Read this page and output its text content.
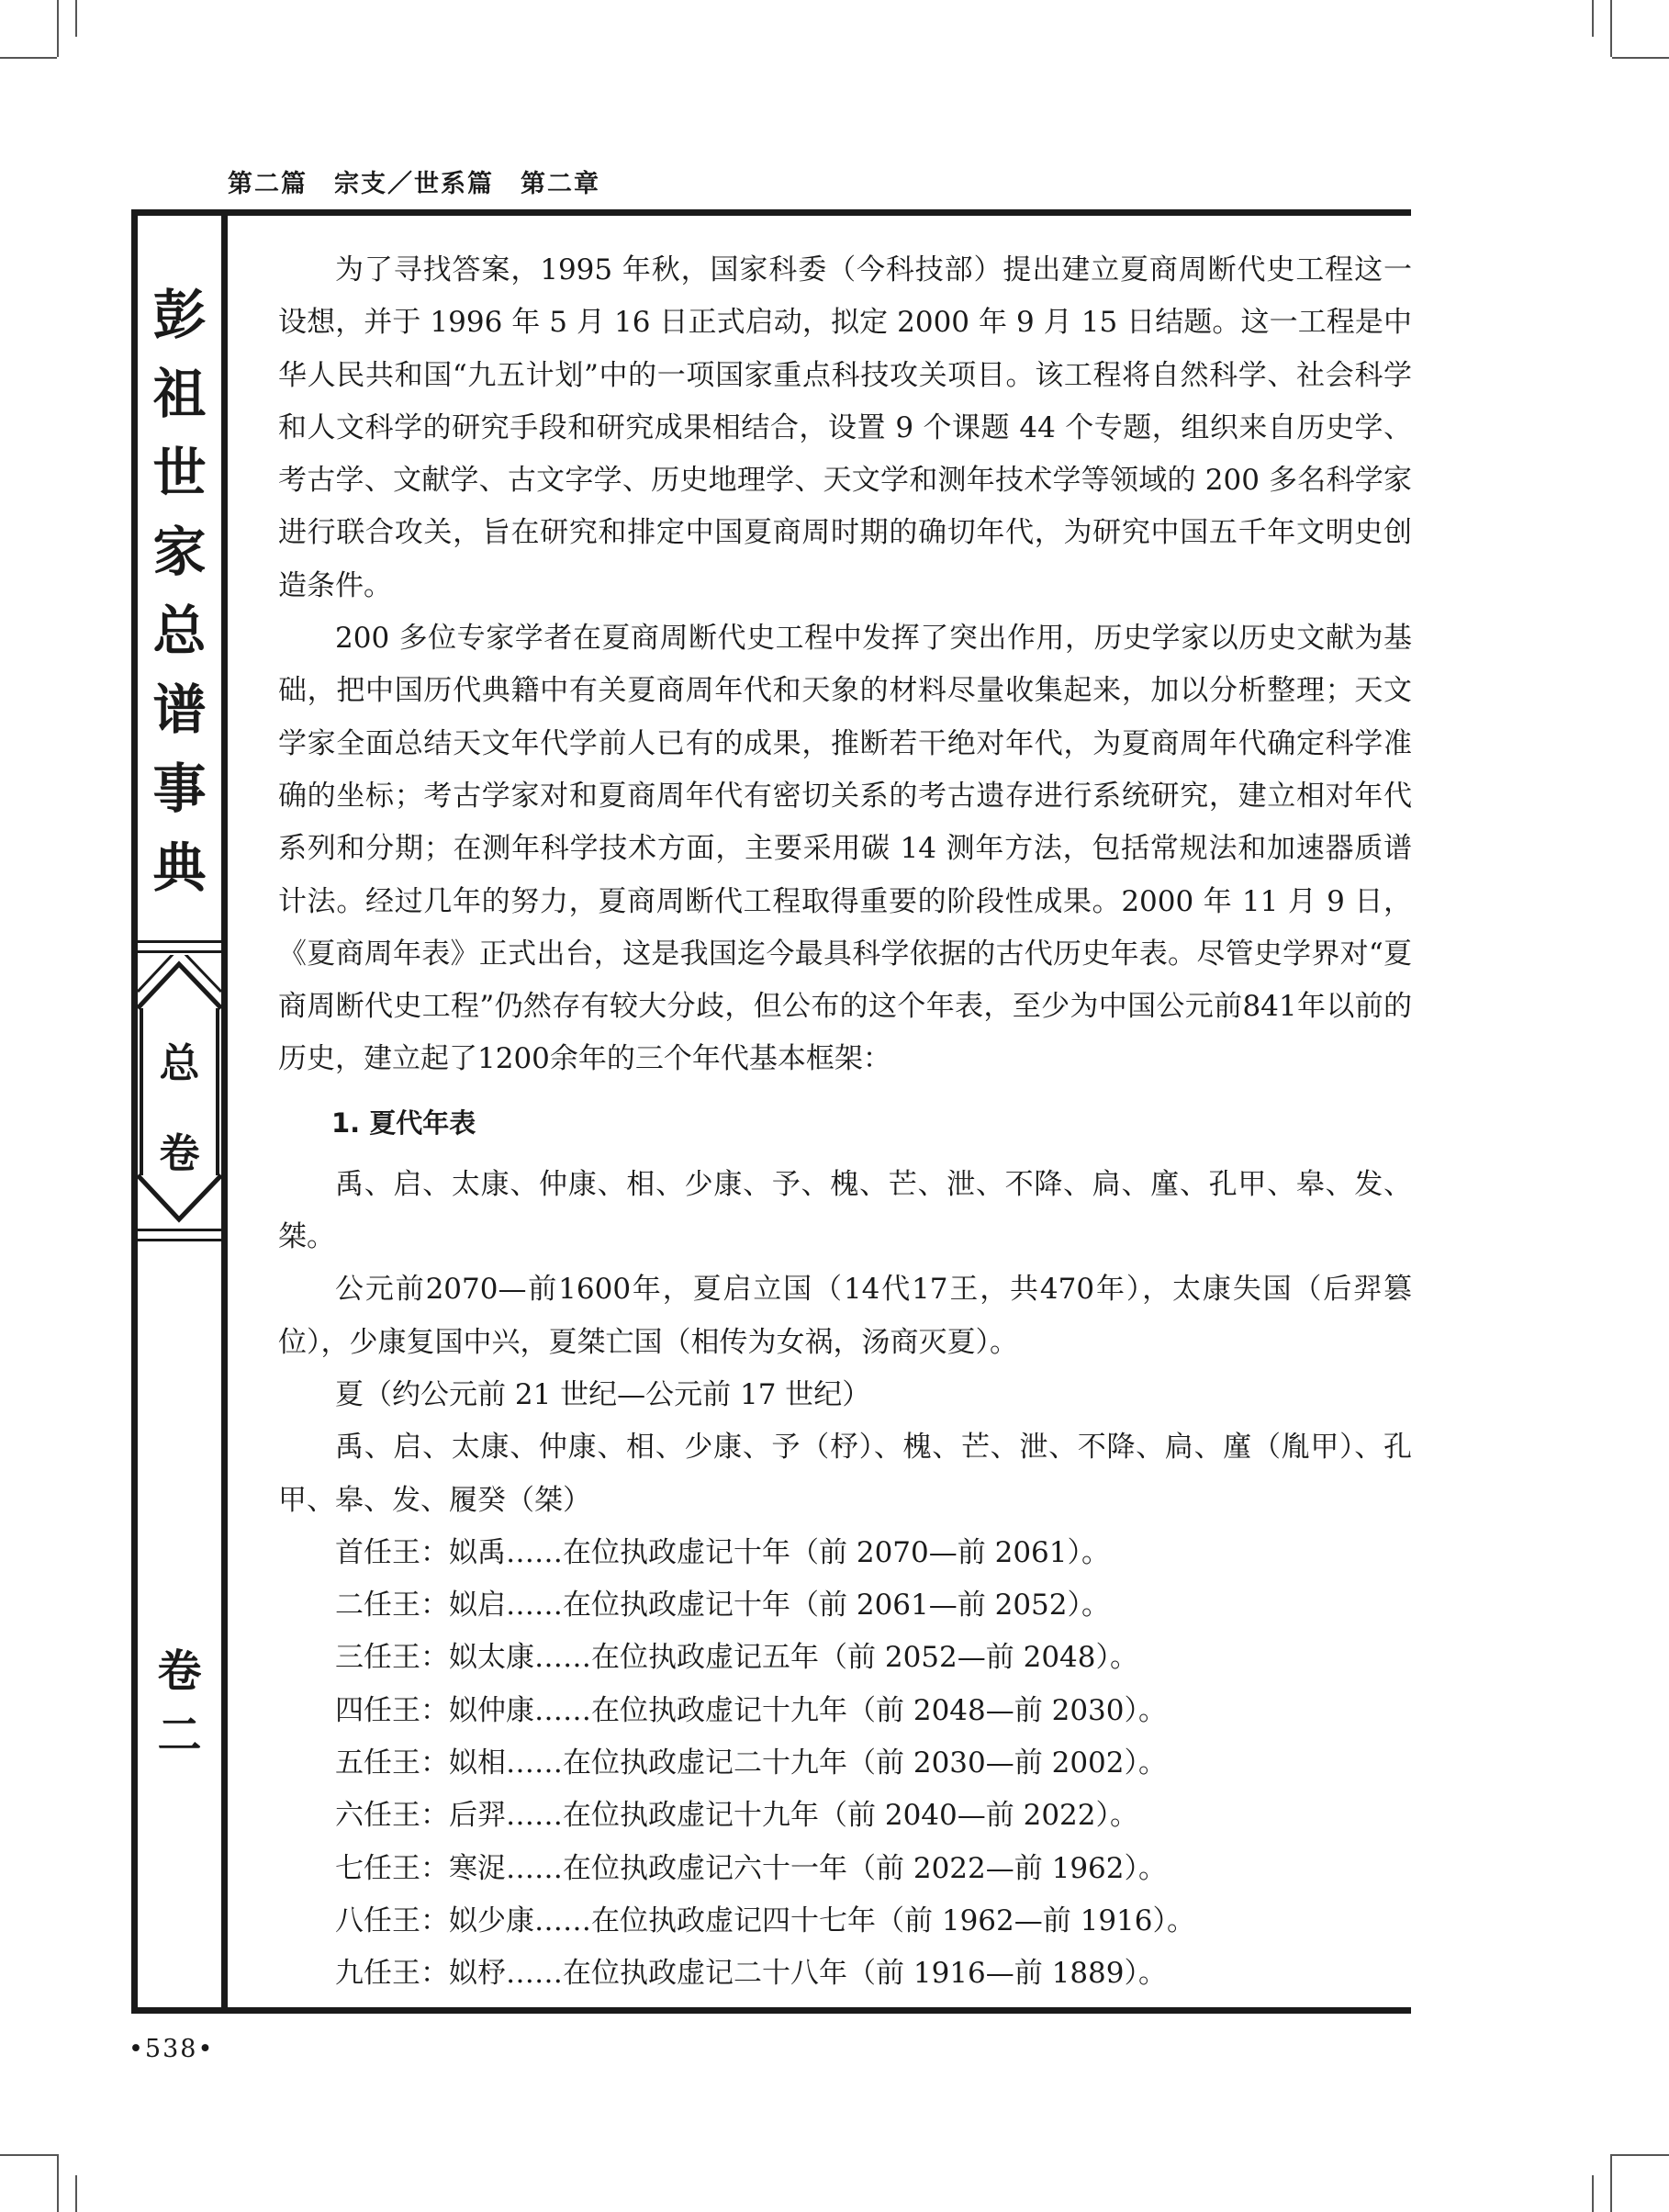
第二篇　宗支／世系篇　第二章
彭
祖
世
家
总
谱
事
典
总
卷
卷
二

为了寻找答案，1995 年秋，国家科委（今科技部）提出建立夏商周断代史工程这一设想，并于 1996 年 5 月 16 日正式启动，拟定 2000 年 9 月 15 日结题。这一工程是中华人民共和国“九五计划”中的一项国家重点科技攻关项目。该工程将自然科学、社会科学和人文科学的研究手段和研究成果相结合，设置 9 个课题 44 个专题，组织来自历史学、考古学、文献学、古文字学、历史地理学、天文学和测年技术学等领域的 200 多名科学家进行联合攻关，旨在研究和排定中国夏商周时期的确切年代，为研究中国五千年文明史创造条件。

200 多位专家学者在夏商周断代史工程中发挥了突出作用，历史学家以历史文献为基础，把中国历代典籍中有关夏商周年代和天象的材料尽量收集起来，加以分析整理；天文学家全面总结天文年代学前人已有的成果，推断若干绝对年代，为夏商周年代确定科学准确的坐标；考古学家对和夏商周年代有密切关系的考古遗存进行系统研究，建立相对年代系列和分期；在测年科学技术方面，主要采用碳 14 测年方法，包括常规法和加速器质谱计法。经过几年的努力，夏商周断代工程取得重要的阶段性成果。2000 年 11 月 9 日，《夏商周年表》正式出台，这是我国迄今最具科学依据的古代历史年表。尽管史学界对“夏商周断代史工程”仍然存有较大分歧，但公布的这个年表，至少为中国公元前841年以前的历史，建立起了1200余年的三个年代基本框架：

1. 夏代年表

禹、启、太康、仲康、相、少康、予、槐、芒、泄、不降、扃、廑、孔甲、皋、发、桀。

公元前2070—前1600年，夏启立国（14代17王，共470年），太康失国（后羿篡位），少康复国中兴，夏桀亡国（相传为女祸，汤商灭夏）。

夏（约公元前 21 世纪—公元前 17 世纪）

禹、启、太康、仲康、相、少康、予（杼）、槐、芒、泄、不降、扃、廑（胤甲）、孔甲、皋、发、履癸（桀）

首任王：姒禹……在位执政虚记十年（前 2070—前 2061）。

二任王：姒启……在位执政虚记十年（前 2061—前 2052）。

三任王：姒太康……在位执政虚记五年（前 2052—前 2048）。

四任王：姒仲康……在位执政虚记十九年（前 2048—前 2030）。

五任王：姒相……在位执政虚记二十九年（前 2030—前 2002）。

六任王：后羿……在位执政虚记十九年（前 2040—前 2022）。

七任王：寒浞……在位执政虚记六十一年（前 2022—前 1962）。

八任王：姒少康……在位执政虚记四十七年（前 1962—前 1916）。

九任王：姒杼……在位执政虚记二十八年（前 1916—前 1889）。

•538•
